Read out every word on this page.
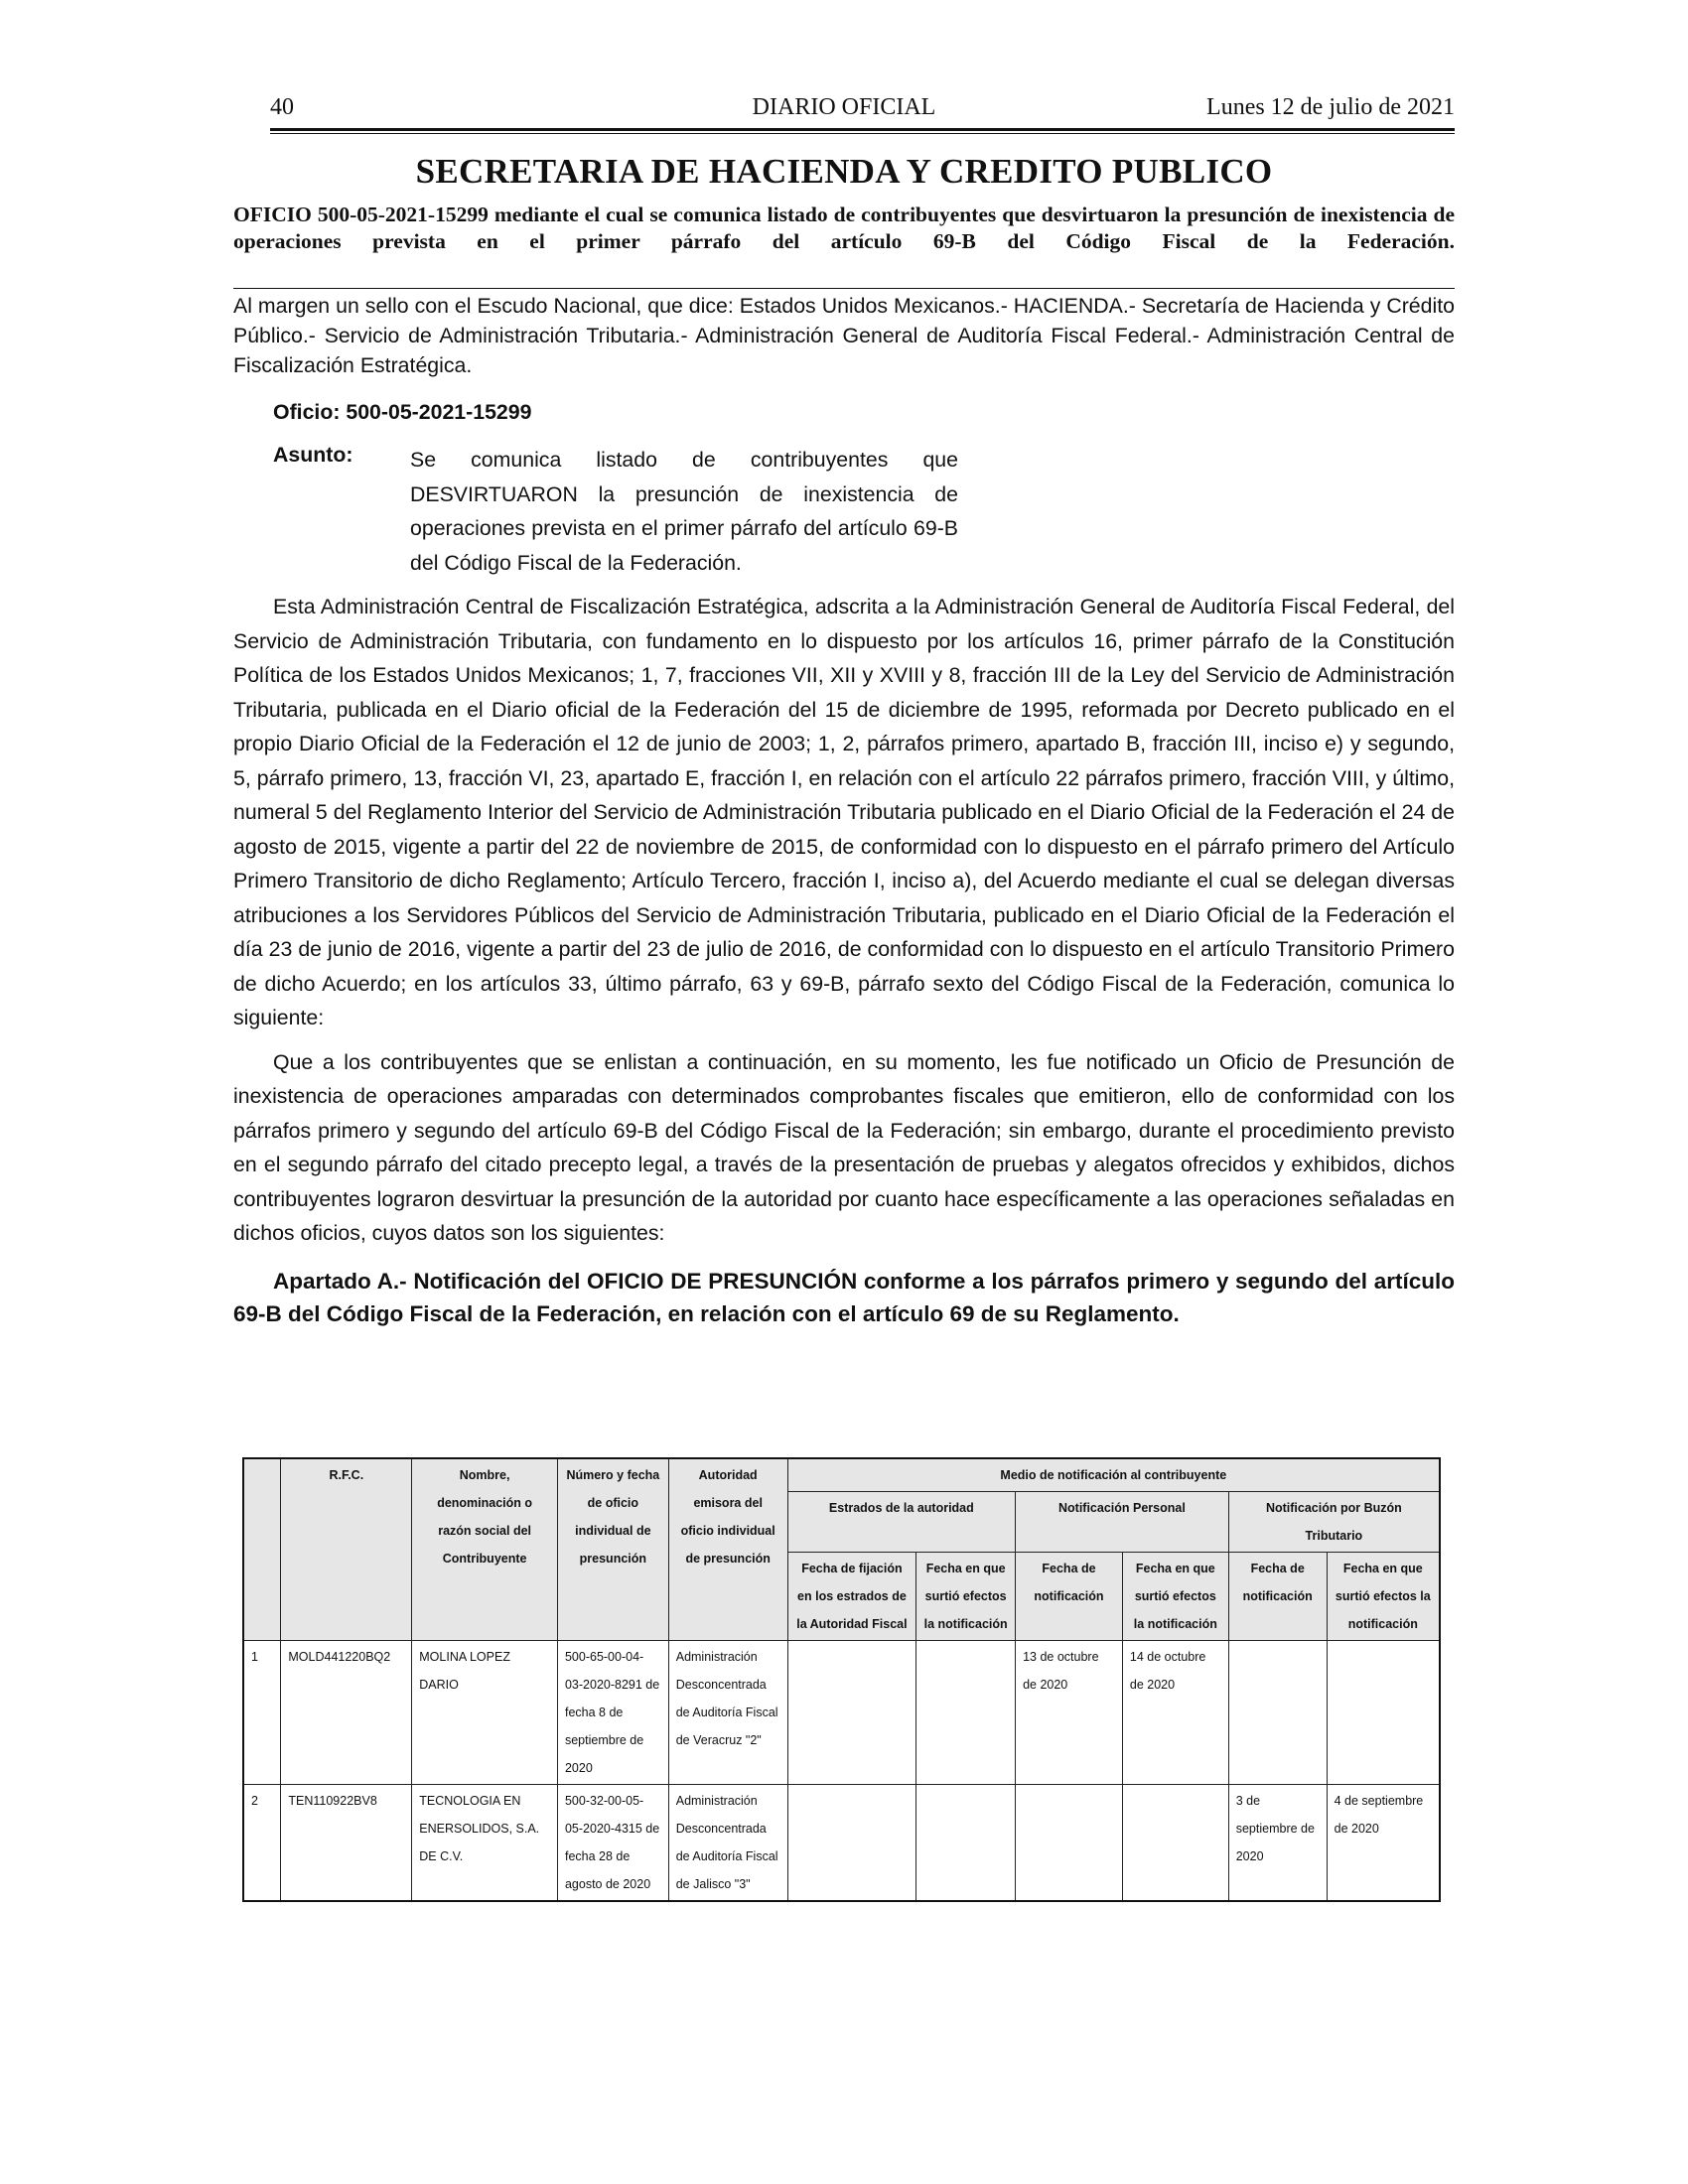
40	DIARIO OFICIAL	Lunes 12 de julio de 2021
SECRETARIA DE HACIENDA Y CREDITO PUBLICO
OFICIO 500-05-2021-15299 mediante el cual se comunica listado de contribuyentes que desvirtuaron la presunción de inexistencia de operaciones prevista en el primer párrafo del artículo 69-B del Código Fiscal de la Federación.
Al margen un sello con el Escudo Nacional, que dice: Estados Unidos Mexicanos.- HACIENDA.- Secretaría de Hacienda y Crédito Público.- Servicio de Administración Tributaria.- Administración General de Auditoría Fiscal Federal.- Administración Central de Fiscalización Estratégica.
Oficio: 500-05-2021-15299
Asunto:	Se comunica listado de contribuyentes que DESVIRTUARON la presunción de inexistencia de operaciones prevista en el primer párrafo del artículo 69-B del Código Fiscal de la Federación.
Esta Administración Central de Fiscalización Estratégica, adscrita a la Administración General de Auditoría Fiscal Federal, del Servicio de Administración Tributaria, con fundamento en lo dispuesto por los artículos 16, primer párrafo de la Constitución Política de los Estados Unidos Mexicanos; 1, 7, fracciones VII, XII y XVIII y 8, fracción III de la Ley del Servicio de Administración Tributaria, publicada en el Diario oficial de la Federación del 15 de diciembre de 1995, reformada por Decreto publicado en el propio Diario Oficial de la Federación el 12 de junio de 2003; 1, 2, párrafos primero, apartado B, fracción III, inciso e) y segundo, 5, párrafo primero, 13, fracción VI, 23, apartado E, fracción I, en relación con el artículo 22 párrafos primero, fracción VIII, y último, numeral 5 del Reglamento Interior del Servicio de Administración Tributaria publicado en el Diario Oficial de la Federación el 24 de agosto de 2015, vigente a partir del 22 de noviembre de 2015, de conformidad con lo dispuesto en el párrafo primero del Artículo Primero Transitorio de dicho Reglamento; Artículo Tercero, fracción I, inciso a), del Acuerdo mediante el cual se delegan diversas atribuciones a los Servidores Públicos del Servicio de Administración Tributaria, publicado en el Diario Oficial de la Federación el día 23 de junio de 2016, vigente a partir del 23 de julio de 2016, de conformidad con lo dispuesto en el artículo Transitorio Primero de dicho Acuerdo; en los artículos 33, último párrafo, 63 y 69-B, párrafo sexto del Código Fiscal de la Federación, comunica lo siguiente:
Que a los contribuyentes que se enlistan a continuación, en su momento, les fue notificado un Oficio de Presunción de inexistencia de operaciones amparadas con determinados comprobantes fiscales que emitieron, ello de conformidad con los párrafos primero y segundo del artículo 69-B del Código Fiscal de la Federación; sin embargo, durante el procedimiento previsto en el segundo párrafo del citado precepto legal, a través de la presentación de pruebas y alegatos ofrecidos y exhibidos, dichos contribuyentes lograron desvirtuar la presunción de la autoridad por cuanto hace específicamente a las operaciones señaladas en dichos oficios, cuyos datos son los siguientes:
Apartado A.- Notificación del OFICIO DE PRESUNCIÓN conforme a los párrafos primero y segundo del artículo 69-B del Código Fiscal de la Federación, en relación con el artículo 69 de su Reglamento.
	R.F.C.	Nombre, denominación o razón social del Contribuyente	Número y fecha de oficio individual de presunción	Autoridad emisora del oficio individual de presunción	Medio de notificación al contribuyente					
					Estrados de la autoridad		Notificación Personal		Notificación por Buzón Tributario	
					Fecha de fijación en los estrados de la Autoridad Fiscal	Fecha en que surtió efectos la notificación	Fecha de notificación	Fecha en que surtió efectos la notificación	Fecha de notificación	Fecha en que surtió efectos la notificación
1	MOLD441220BQ2	MOLINA LOPEZ DARIO	500-65-00-04-03-2020-8291 de fecha 8 de septiembre de 2020	Administración Desconcentrada de Auditoría Fiscal de Veracruz "2"			13 de octubre de 2020	14 de octubre de 2020		
2	TEN110922BV8	TECNOLOGIA EN ENERSOLIDOS, S.A. DE C.V.	500-32-00-05-05-2020-4315 de fecha 28 de agosto de 2020	Administración Desconcentrada de Auditoría Fiscal de Jalisco "3"					3 de septiembre de 2020	4 de septiembre de 2020
